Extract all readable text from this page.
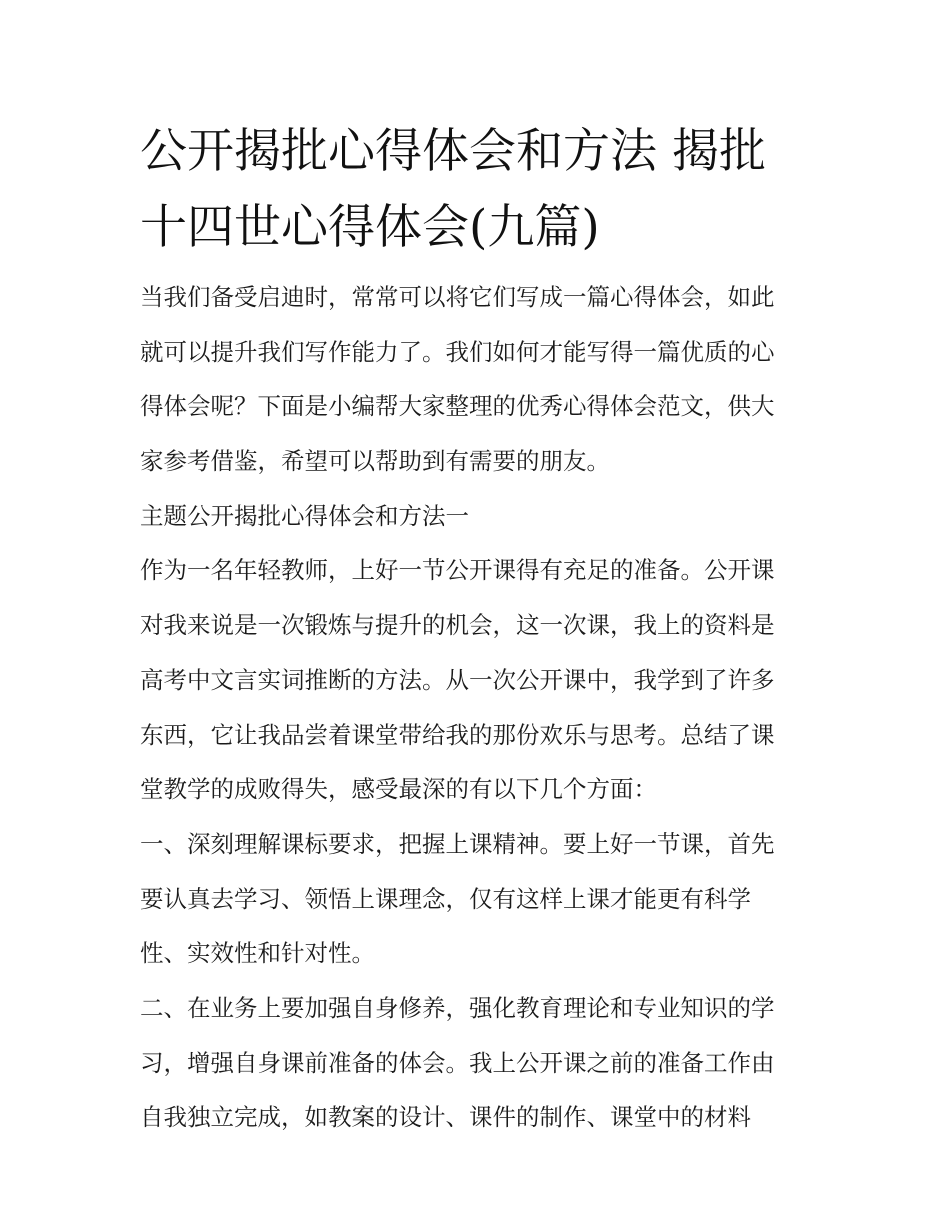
公开揭批心得体会和方法 揭批
十四世心得体会(九篇)
当我们备受启迪时，常常可以将它们写成一篇心得体会，如此
就可以提升我们写作能力了。我们如何才能写得一篇优质的心
得体会呢？下面是小编帮大家整理的优秀心得体会范文，供大
家参考借鉴，希望可以帮助到有需要的朋友。
主题公开揭批心得体会和方法一
作为一名年轻教师，上好一节公开课得有充足的准备。公开课
对我来说是一次锻炼与提升的机会，这一次课，我上的资料是
高考中文言实词推断的方法。从一次公开课中，我学到了许多
东西，它让我品尝着课堂带给我的那份欢乐与思考。总结了课
堂教学的成败得失，感受最深的有以下几个方面：
一、深刻理解课标要求，把握上课精神。要上好一节课，首先
要认真去学习、领悟上课理念，仅有这样上课才能更有科学
性、实效性和针对性。
二、在业务上要加强自身修养，强化教育理论和专业知识的学
习，增强自身课前准备的体会。我上公开课之前的准备工作由
自我独立完成，如教案的设计、课件的制作、课堂中的材料
